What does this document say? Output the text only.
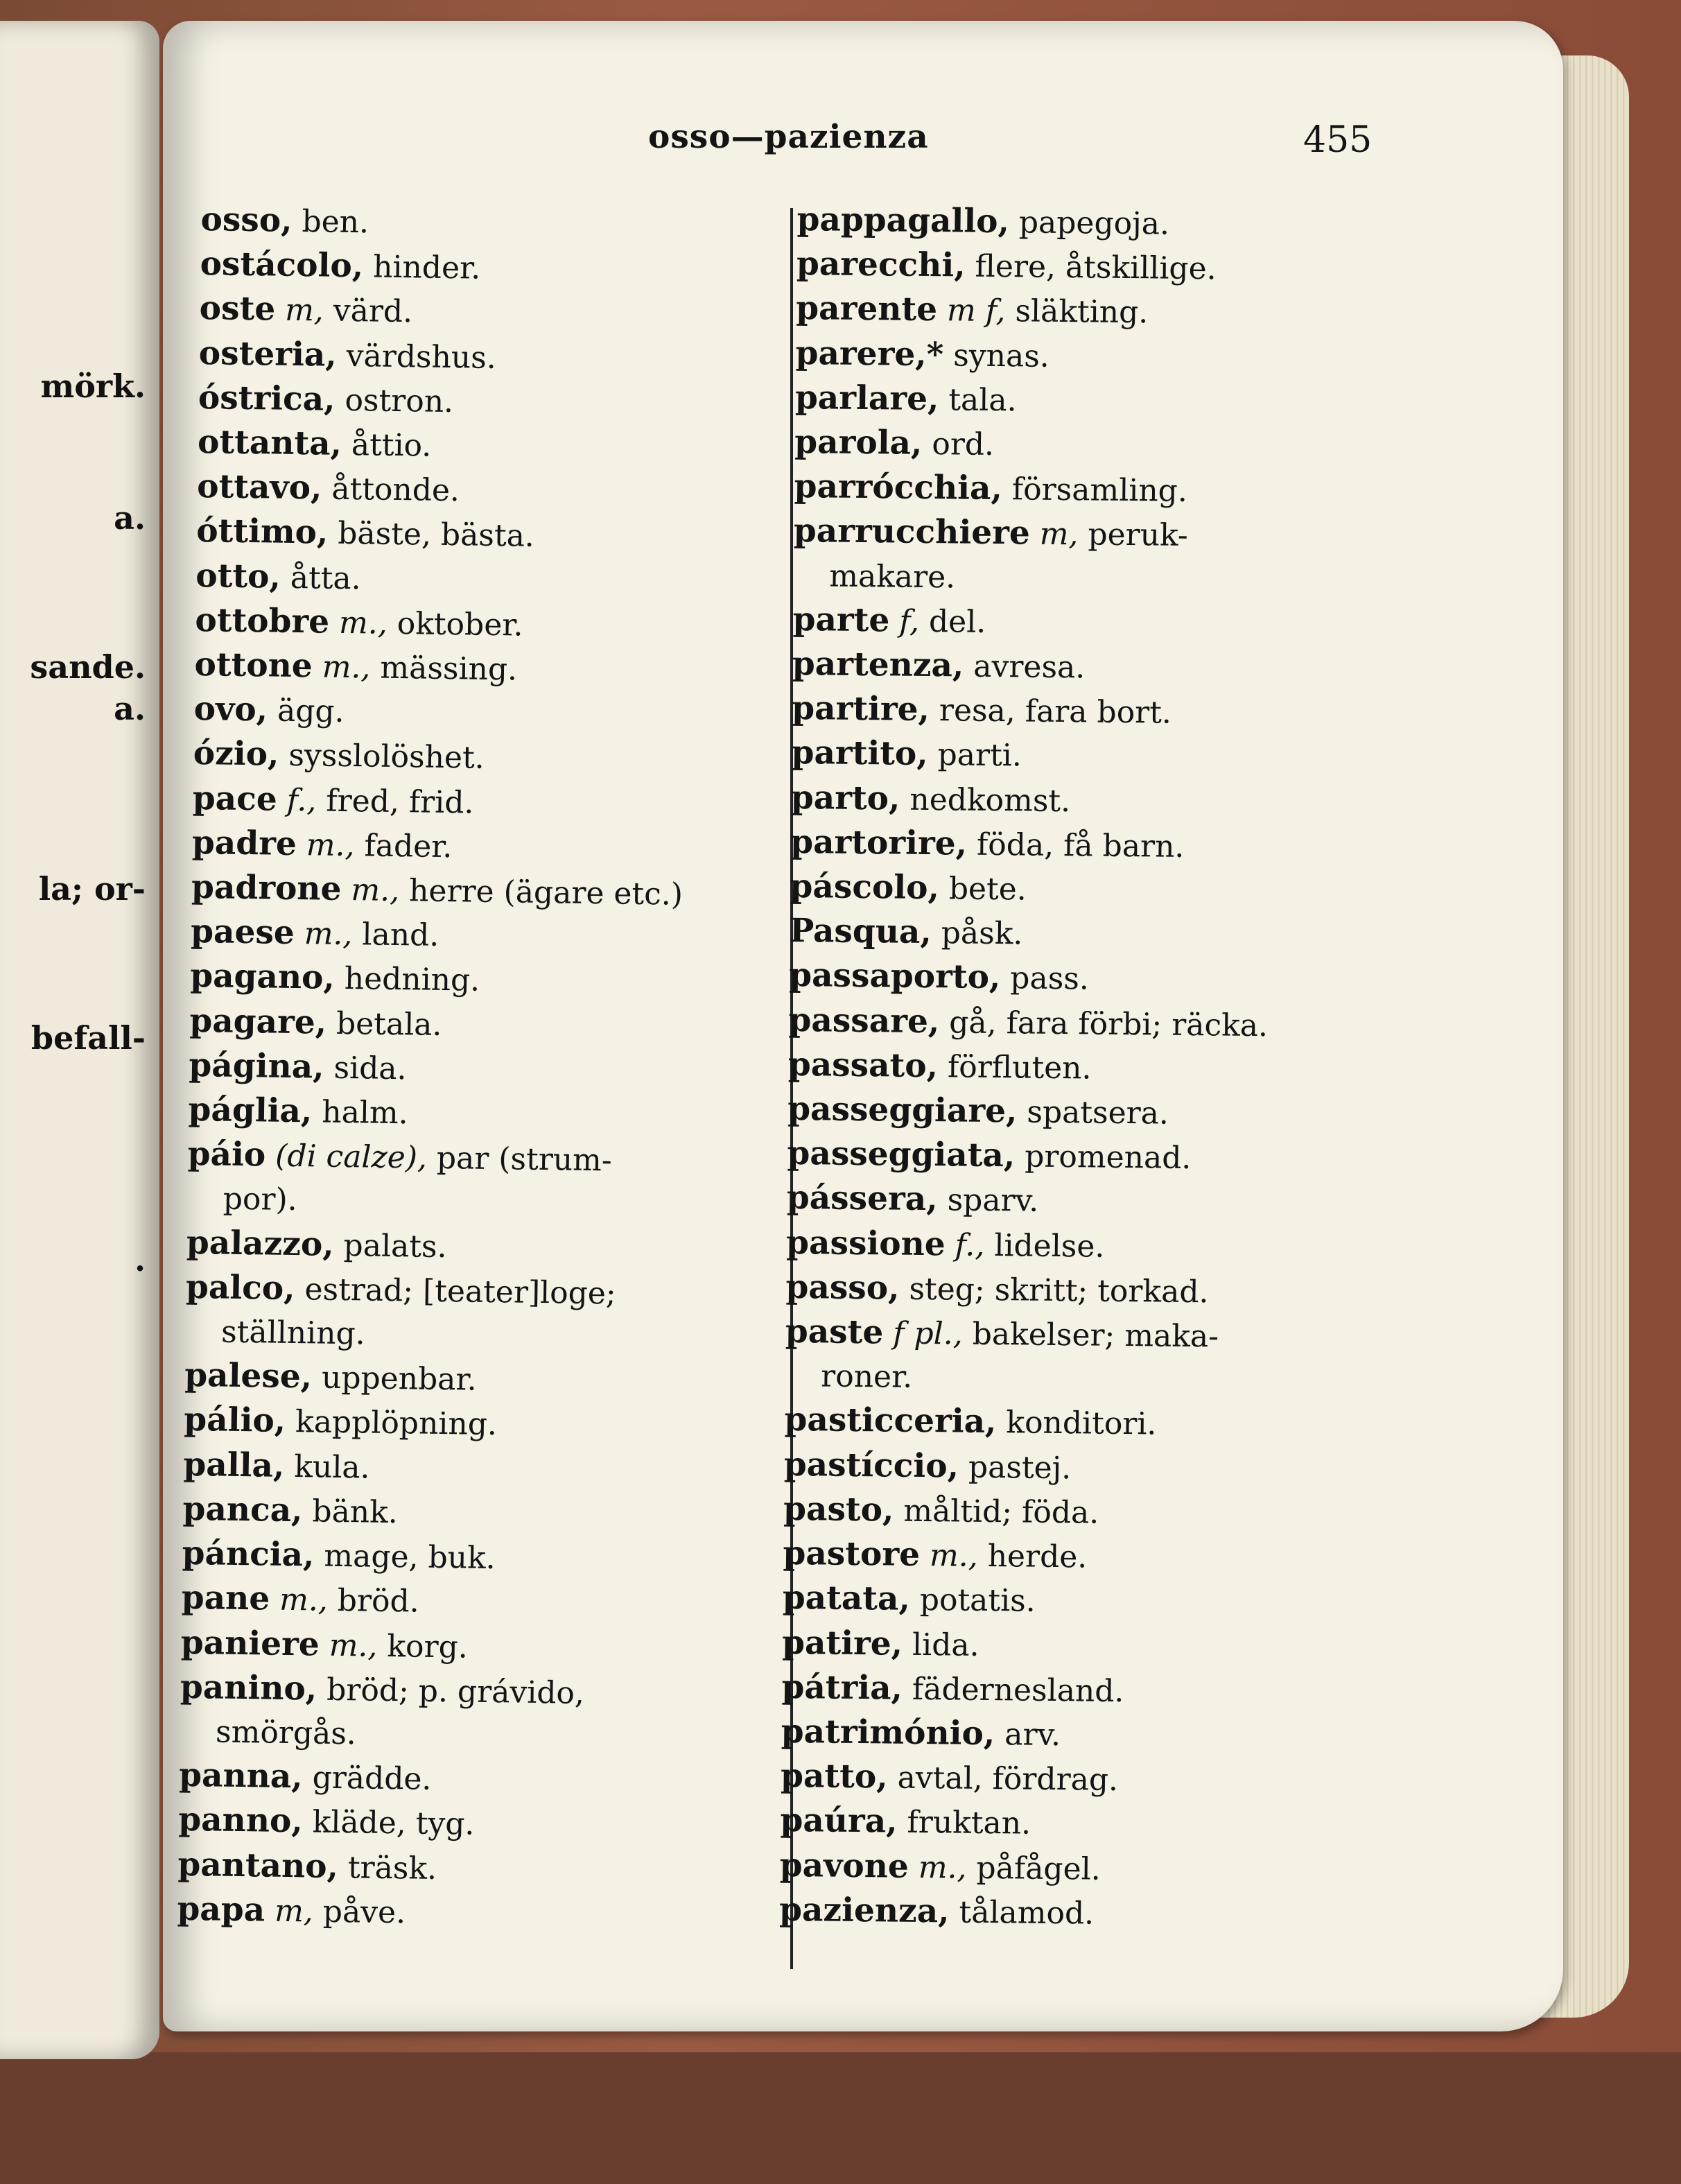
mörk.
a.
sande.
a.
la; or-
befall-
.
osso—pazienza	455
osso, ben.
ostácolo, hinder.
oste m, värd.
osteria, värdshus.
óstrica, ostron.
ottanta, åttio.
ottavo, åttonde.
óttimo, bäste, bästa.
otto, åtta.
ottobre m., oktober.
ottone m., mässing.
ovo, ägg.
ózio, sysslolöshet.
pace f., fred, frid.
padre m., fader.
padrone m., herre (ägare etc.)
paese m., land.
pagano, hedning.
pagare, betala.
página, sida.
páglia, halm.
páio (di calze), par (strum-
por).
palazzo, palats.
palco, estrad; [teater]loge;
ställning.
palese, uppenbar.
pálio, kapplöpning.
palla, kula.
panca, bänk.
páncia, mage, buk.
pane m., bröd.
paniere m., korg.
panino, bröd; p. grávido,
smörgås.
panna, grädde.
panno, kläde, tyg.
pantano, träsk.
papa m, påve.
pappagallo, papegoja.
parecchi, flere, åtskillige.
parente m f, släkting.
parere,* synas.
parlare, tala.
parola, ord.
parrócchia, församling.
parrucchiere m, peruk-
makare.
parte f, del.
partenza, avresa.
partire, resa, fara bort.
partito, parti.
parto, nedkomst.
partorire, föda, få barn.
páscolo, bete.
Pasqua, påsk.
passaporto, pass.
passare, gå, fara förbi; räcka.
passato, förfluten.
passeggiare, spatsera.
passeggiata, promenad.
pássera, sparv.
passione f., lidelse.
passo, steg; skritt; torkad.
paste f pl., bakelser; maka-
roner.
pasticceria, konditori.
pastíccio, pastej.
pasto, måltid; föda.
pastore m., herde.
patata, potatis.
patire, lida.
pátria, fädernesland.
património, arv.
patto, avtal, fördrag.
paúra, fruktan.
pavone m., påfågel.
pazienza, tålamod.
